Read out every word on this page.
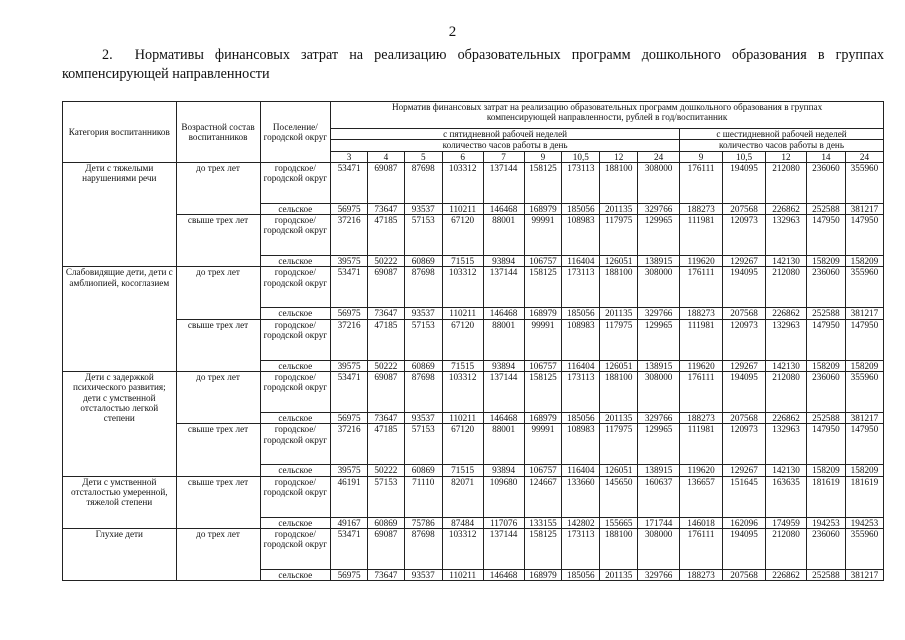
2
2. Нормативы финансовых затрат на реализацию образовательных программ дошкольного образования в группах компенсирующей направленности
Категория воспитанников	Возрастной состав воспитанников	Поселение/ городской округ	Норматив финансовых затрат на реализацию образовательных программ дошкольного образования в группах компенсирующей направленности, рублей в год/воспитанник													
			с пятидневной рабочей неделей									с шестидневной рабочей неделей				
			количество часов работы в день									количество часов работы в день				
			3	4	5	6	7	9	10,5	12	24	9	10,5	12	14	24

Дети с тяжелыми нарушениями речи	до трех лет	городское/ городской округ	53471	69087	87698	103312	137144	158125	173113	188100	308000	176111	194095	212080	236060	355960
		сельское	56975	73647	93537	110211	146468	168979	185056	201135	329766	188273	207568	226862	252588	381217
	свыше трех лет	городское/ городской округ	37216	47185	57153	67120	88001	99991	108983	117975	129965	111981	120973	132963	147950	147950
		сельское	39575	50222	60869	71515	93894	106757	116404	126051	138915	119620	129267	142130	158209	158209
Слабовидящие дети, дети с амблиопией, косоглазием	до трех лет	городское/ городской округ	53471	69087	87698	103312	137144	158125	173113	188100	308000	176111	194095	212080	236060	355960
		сельское	56975	73647	93537	110211	146468	168979	185056	201135	329766	188273	207568	226862	252588	381217
	свыше трех лет	городское/ городской округ	37216	47185	57153	67120	88001	99991	108983	117975	129965	111981	120973	132963	147950	147950
		сельское	39575	50222	60869	71515	93894	106757	116404	126051	138915	119620	129267	142130	158209	158209
Дети с задержкой психического развития; дети с умственной отсталостью легкой степени	до трех лет	городское/ городской округ	53471	69087	87698	103312	137144	158125	173113	188100	308000	176111	194095	212080	236060	355960
		сельское	56975	73647	93537	110211	146468	168979	185056	201135	329766	188273	207568	226862	252588	381217
	свыше трех лет	городское/ городской округ	37216	47185	57153	67120	88001	99991	108983	117975	129965	111981	120973	132963	147950	147950
		сельское	39575	50222	60869	71515	93894	106757	116404	126051	138915	119620	129267	142130	158209	158209
Дети с умственной отсталостью умеренной, тяжелой степени	свыше трех лет	городское/ городской округ	46191	57153	71110	82071	109680	124667	133660	145650	160637	136657	151645	163635	181619	181619
		сельское	49167	60869	75786	87484	117076	133155	142802	155665	171744	146018	162096	174959	194253	194253
Глухие дети	до трех лет	городское/ городской округ	53471	69087	87698	103312	137144	158125	173113	188100	308000	176111	194095	212080	236060	355960
		сельское	56975	73647	93537	110211	146468	168979	185056	201135	329766	188273	207568	226862	252588	381217
